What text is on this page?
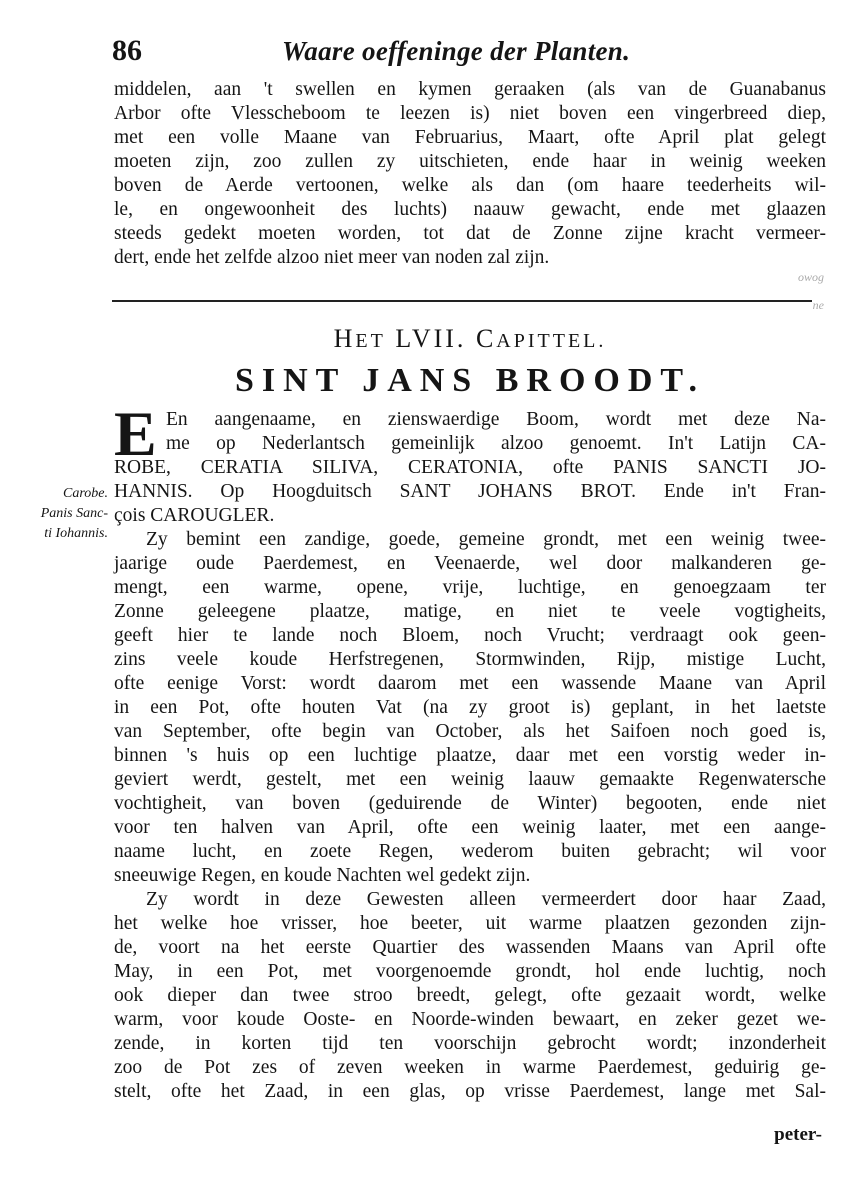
86	Waare oeffeninge der Planten.
middelen, aan 't swellen en kymen geraaken (als van de Guanabanus
Arbor ofte Vlesscheboom te leezen is) niet boven een vingerbreed diep,
met een volle Maane van Februarius, Maart, ofte April plat gelegt
moeten zijn, zoo zullen zy uitschieten, ende haar in weinig weeken
boven de Aerde vertoonen, welke als dan (om haare teederheits wil-
le, en ongewoonheit des luchts) naauw gewacht, ende met glaazen
steeds gedekt moeten worden, tot dat de Zonne zijne kracht vermeer-
dert, ende het zelfde alzoo niet meer van noden zal zijn.
owog
ne
HET LVII. CAPITTEL.
SINT JANS BROODT.
E
Carobe.
Panis Sanc-
ti Iohannis.
En aangenaame, en zienswaerdige Boom, wordt met deze Na-
me op Nederlantsch gemeinlijk alzoo genoemt. In't Latijn CA-
ROBE, CERATIA SILIVA, CERATONIA, ofte PANIS SANCTI JO-
HANNIS. Op Hoogduitsch SANT JOHANS BROT. Ende in't Fran-
çois CAROUGLER.
Zy bemint een zandige, goede, gemeine grondt, met een weinig twee-
jaarige oude Paerdemest, en Veenaerde, wel door malkanderen ge-
mengt, een warme, opene, vrije, luchtige, en genoegzaam ter
Zonne geleegene plaatze, matige, en niet te veele vogtigheits,
geeft hier te lande noch Bloem, noch Vrucht; verdraagt ook geen-
zins veele koude Herfstregenen, Stormwinden, Rijp, mistige Lucht,
ofte eenige Vorst: wordt daarom met een wassende Maane van April
in een Pot, ofte houten Vat (na zy groot is) geplant, in het laetste
van September, ofte begin van October, als het Saifoen noch goed is,
binnen 's huis op een luchtige plaatze, daar met een vorstig weder in-
geviert werdt, gestelt, met een weinig laauw gemaakte Regenwatersche
vochtigheit, van boven (geduirende de Winter) begooten, ende niet
voor ten halven van April, ofte een weinig laater, met een aange-
naame lucht, en zoete Regen, wederom buiten gebracht; wil voor
sneeuwige Regen, en koude Nachten wel gedekt zijn.
Zy wordt in deze Gewesten alleen vermeerdert door haar Zaad,
het welke hoe vrisser, hoe beeter, uit warme plaatzen gezonden zijn-
de, voort na het eerste Quartier des wassenden Maans van April ofte
May, in een Pot, met voorgenoemde grondt, hol ende luchtig, noch
ook dieper dan twee stroo breedt, gelegt, ofte gezaait wordt, welke
warm, voor koude Ooste- en Noorde-winden bewaart, en zeker gezet we-
zende, in korten tijd ten voorschijn gebrocht wordt; inzonderheit
zoo de Pot zes of zeven weeken in warme Paerdemest, geduirig ge-
stelt, ofte het Zaad, in een glas, op vrisse Paerdemest, lange met Sal-
peter-
